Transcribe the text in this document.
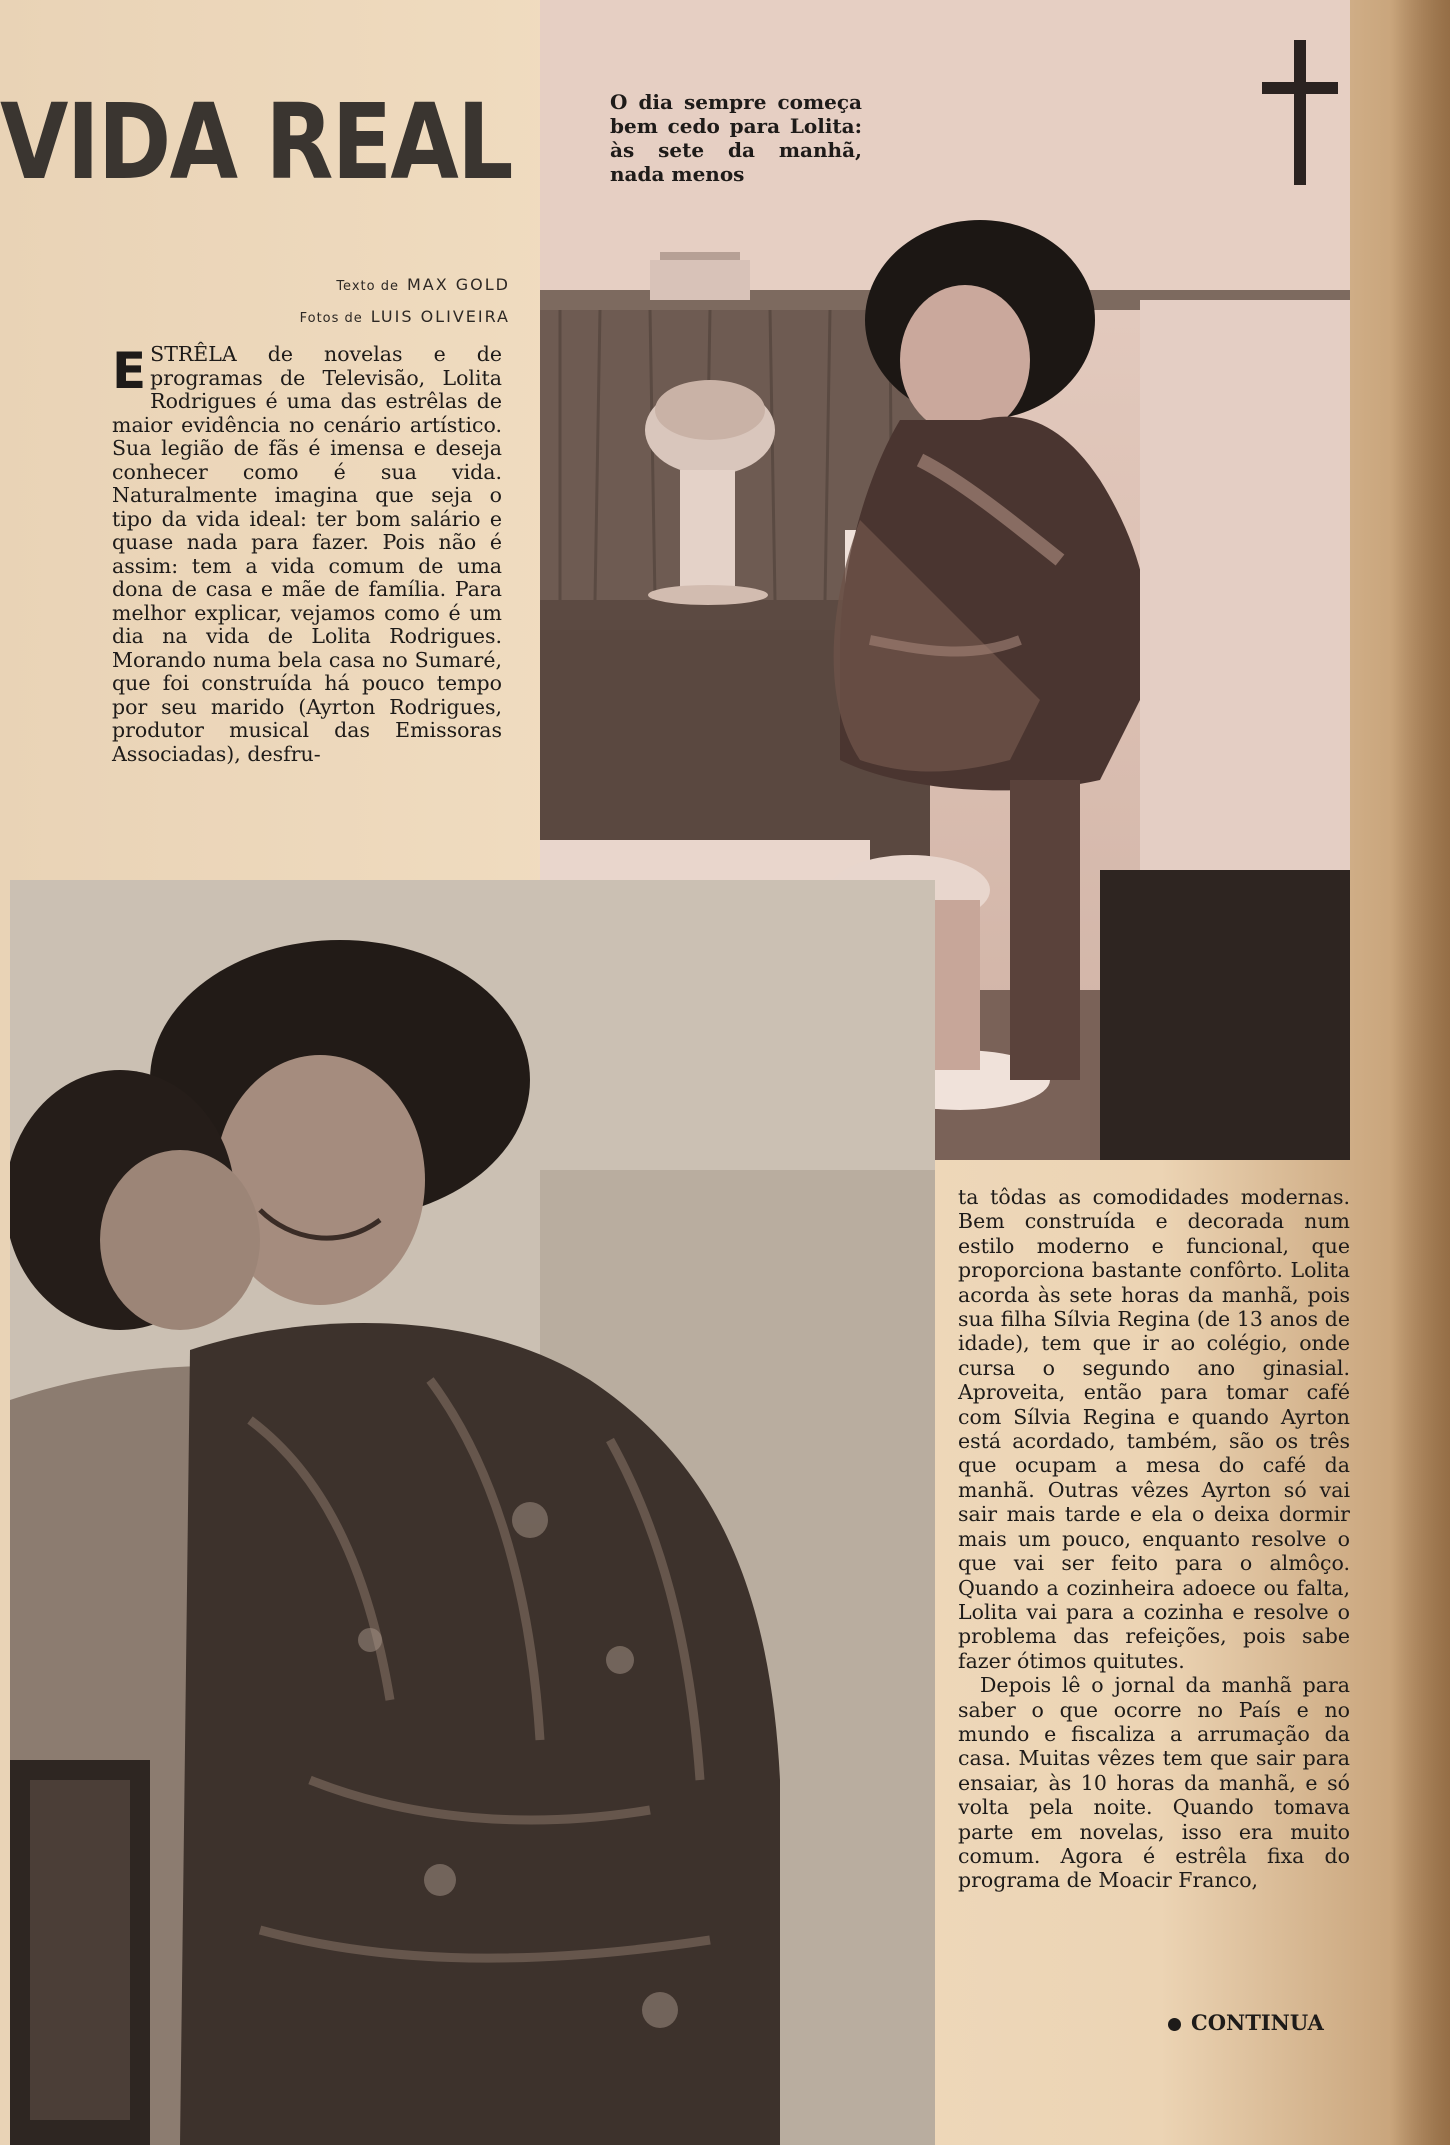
VIDA REAL
Texto de MAX GOLD
Fotos de LUIS OLIVEIRA
ESTRÊLA de novelas e de programas de Televisão, Lolita Rodrigues é uma das estrêlas de maior evidência no cenário artístico. Sua legião de fãs é imensa e deseja conhecer como é sua vida. Naturalmente imagina que seja o tipo da vida ideal: ter bom salário e quase nada para fazer. Pois não é assim: tem a vida comum de uma dona de casa e mãe de família. Para melhor explicar, vejamos como é um dia na vida de Lolita Rodrigues. Morando numa bela casa no Sumaré, que foi construída há pouco tempo por seu marido (Ayrton Rodrigues, produtor musical das Emissoras Associadas), desfru-
O dia sempre começa bem cedo para Lolita: às sete da manhã, nada menos

ta tôdas as comodidades modernas. Bem construída e decorada num estilo moderno e funcional, que proporciona bastante confôrto. Lolita acorda às sete horas da manhã, pois sua filha Sílvia Regina (de 13 anos de idade), tem que ir ao colégio, onde cursa o segundo ano ginasial. Aproveita, então para tomar café com Sílvia Regina e quando Ayrton está acordado, também, são os três que ocupam a mesa do café da manhã. Outras vêzes Ayrton só vai sair mais tarde e ela o deixa dormir mais um pouco, enquanto resolve o que vai ser feito para o almôço. Quando a cozinheira adoece ou falta, Lolita vai para a cozinha e resolve o problema das refeições, pois sabe fazer ótimos quitutes.

Depois lê o jornal da manhã para saber o que ocorre no País e no mundo e fiscaliza a arrumação da casa. Muitas vêzes tem que sair para ensaiar, às 10 horas da manhã, e só volta pela noite. Quando tomava parte em novelas, isso era muito comum. Agora é estrêla fixa do programa de Moacir Franco,

CONTINUA
